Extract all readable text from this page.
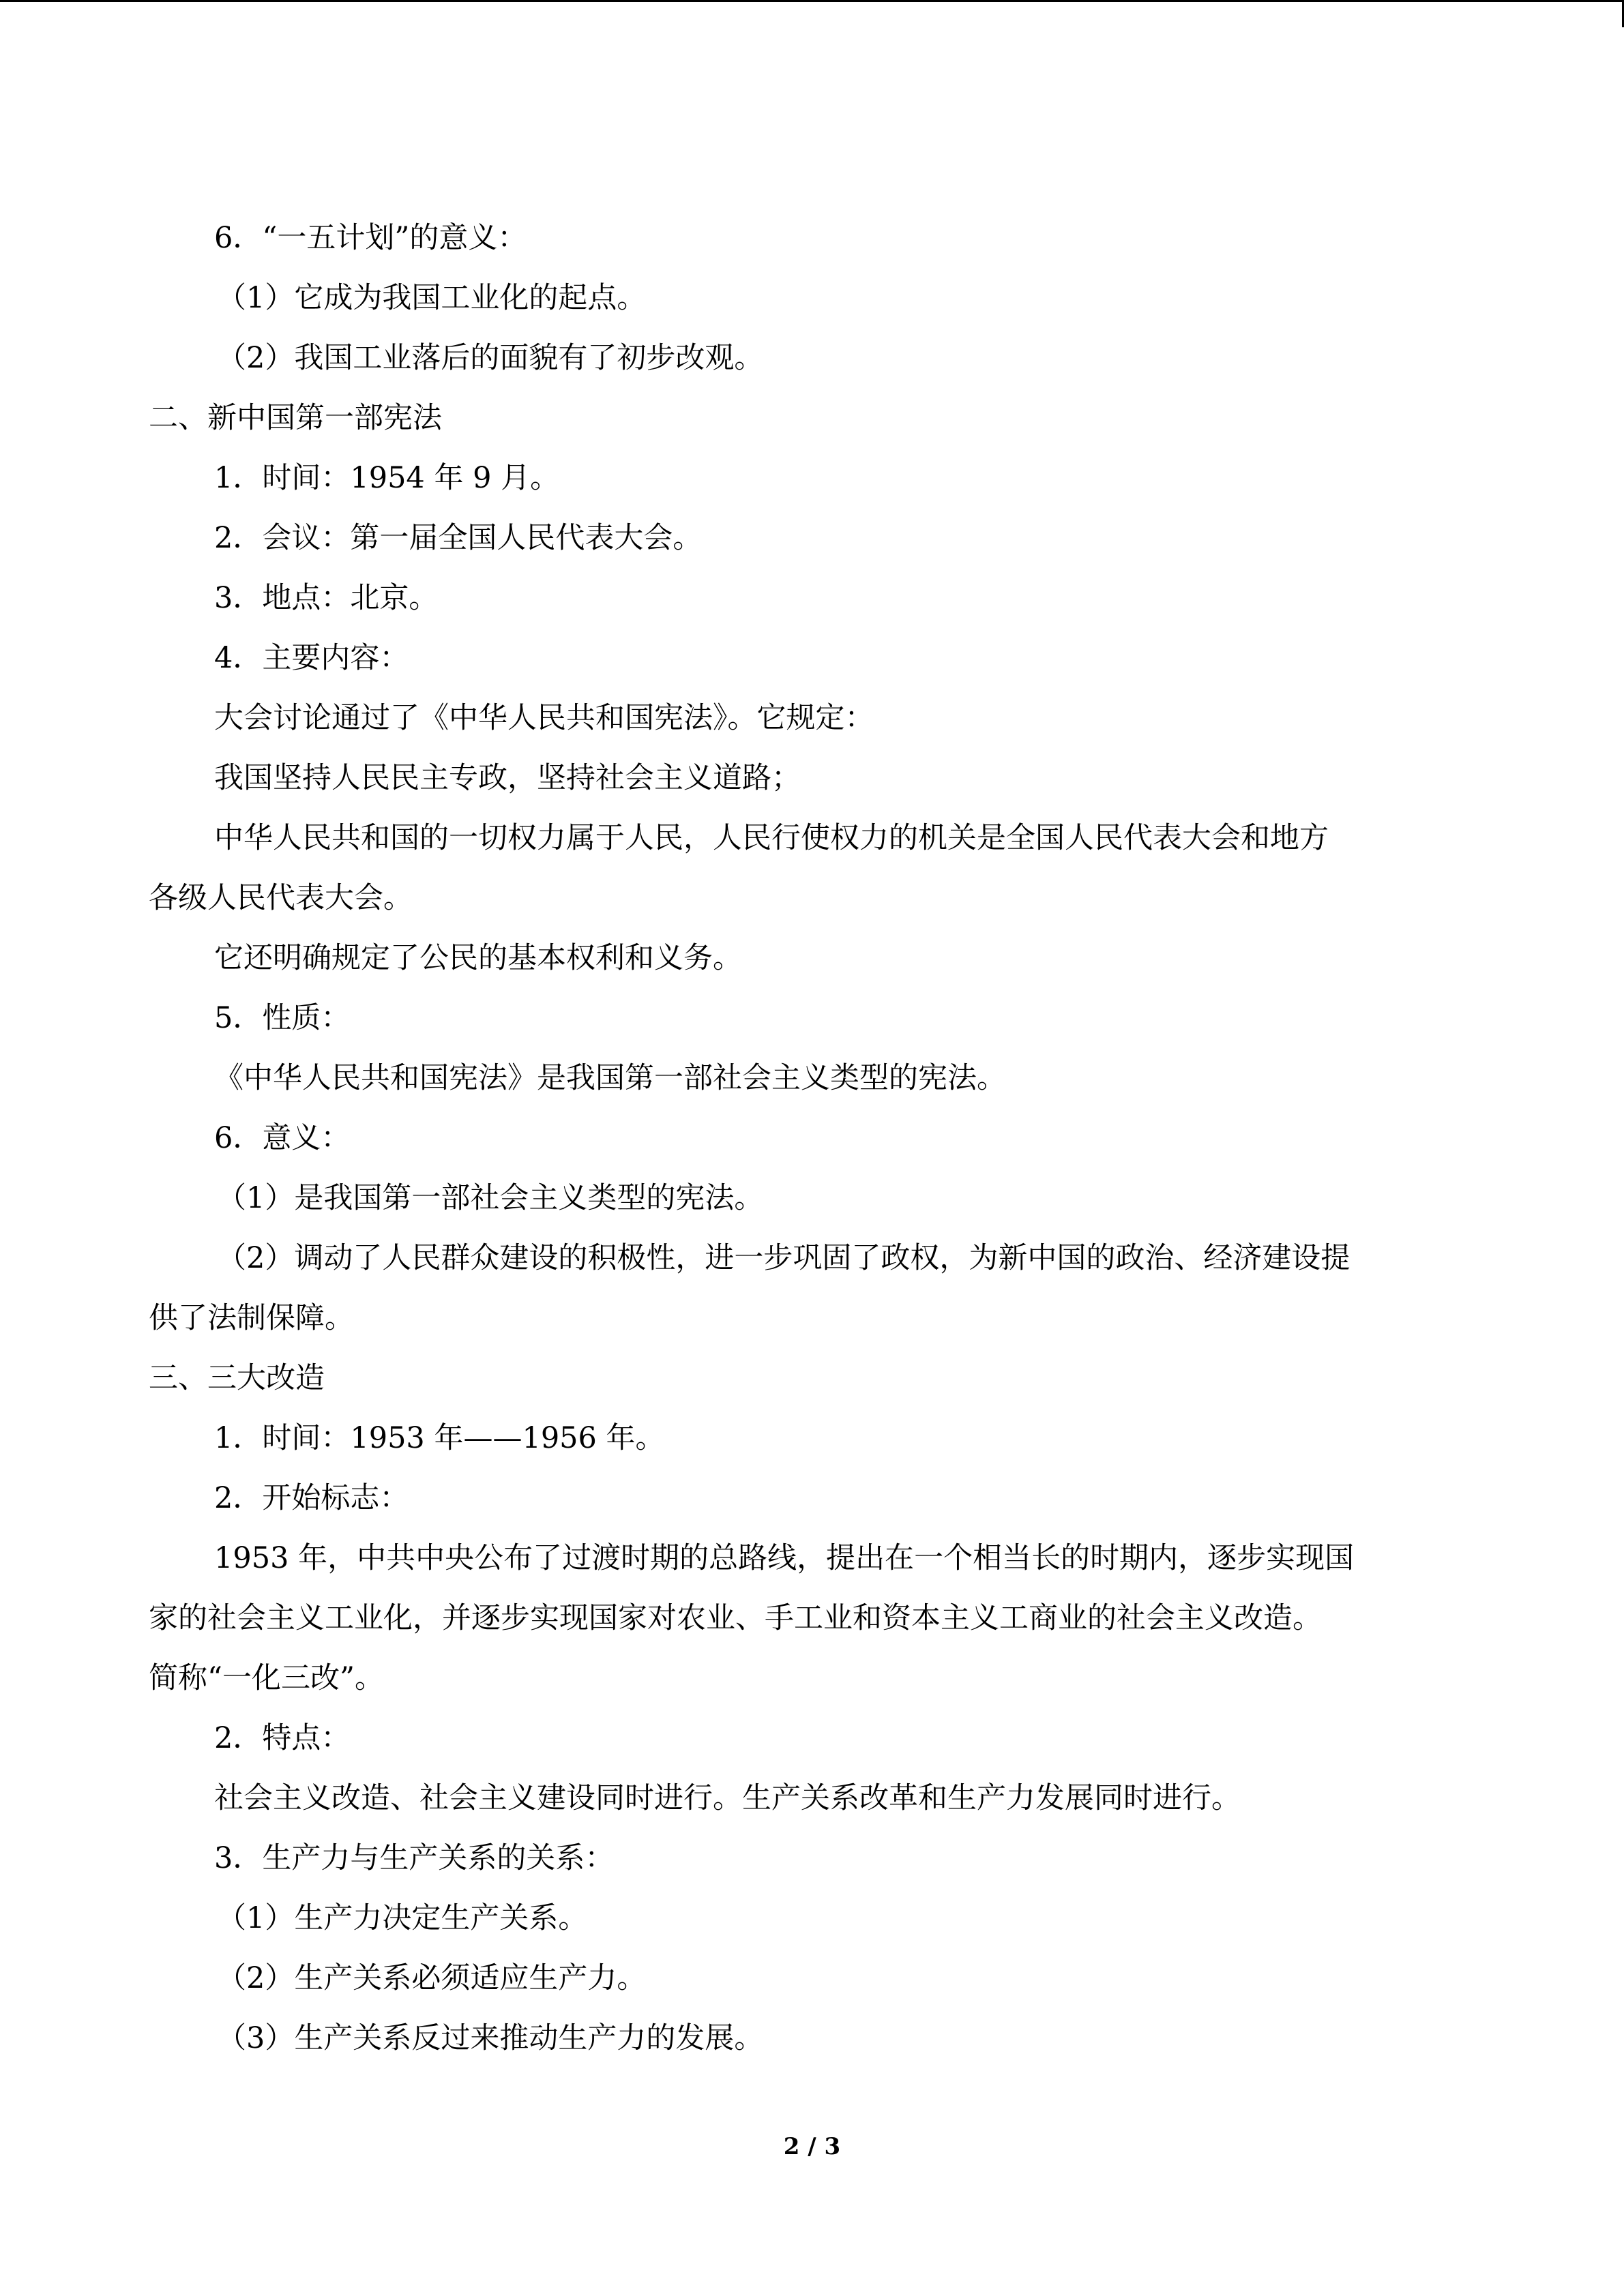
6．“一五计划”的意义：
（1）它成为我国工业化的起点。
（2）我国工业落后的面貌有了初步改观。
二、新中国第一部宪法
1．时间：1954 年 9 月。
2．会议：第一届全国人民代表大会。
3．地点：北京。
4．主要内容：
大会讨论通过了《中华人民共和国宪法》。它规定：
我国坚持人民民主专政，坚持社会主义道路；
中华人民共和国的一切权力属于人民，人民行使权力的机关是全国人民代表大会和地方
各级人民代表大会。
它还明确规定了公民的基本权利和义务。
5．性质：
《中华人民共和国宪法》是我国第一部社会主义类型的宪法。
6．意义：
（1）是我国第一部社会主义类型的宪法。
（2）调动了人民群众建设的积极性，进一步巩固了政权，为新中国的政治、经济建设提
供了法制保障。
三、三大改造
1．时间：1953 年——1956 年。
2．开始标志：
1953 年，中共中央公布了过渡时期的总路线，提出在一个相当长的时期内，逐步实现国
家的社会主义工业化，并逐步实现国家对农业、手工业和资本主义工商业的社会主义改造。
简称“一化三改”。
2．特点：
社会主义改造、社会主义建设同时进行。生产关系改革和生产力发展同时进行。
3．生产力与生产关系的关系：
（1）生产力决定生产关系。
（2）生产关系必须适应生产力。
（3）生产关系反过来推动生产力的发展。
2 / 3
